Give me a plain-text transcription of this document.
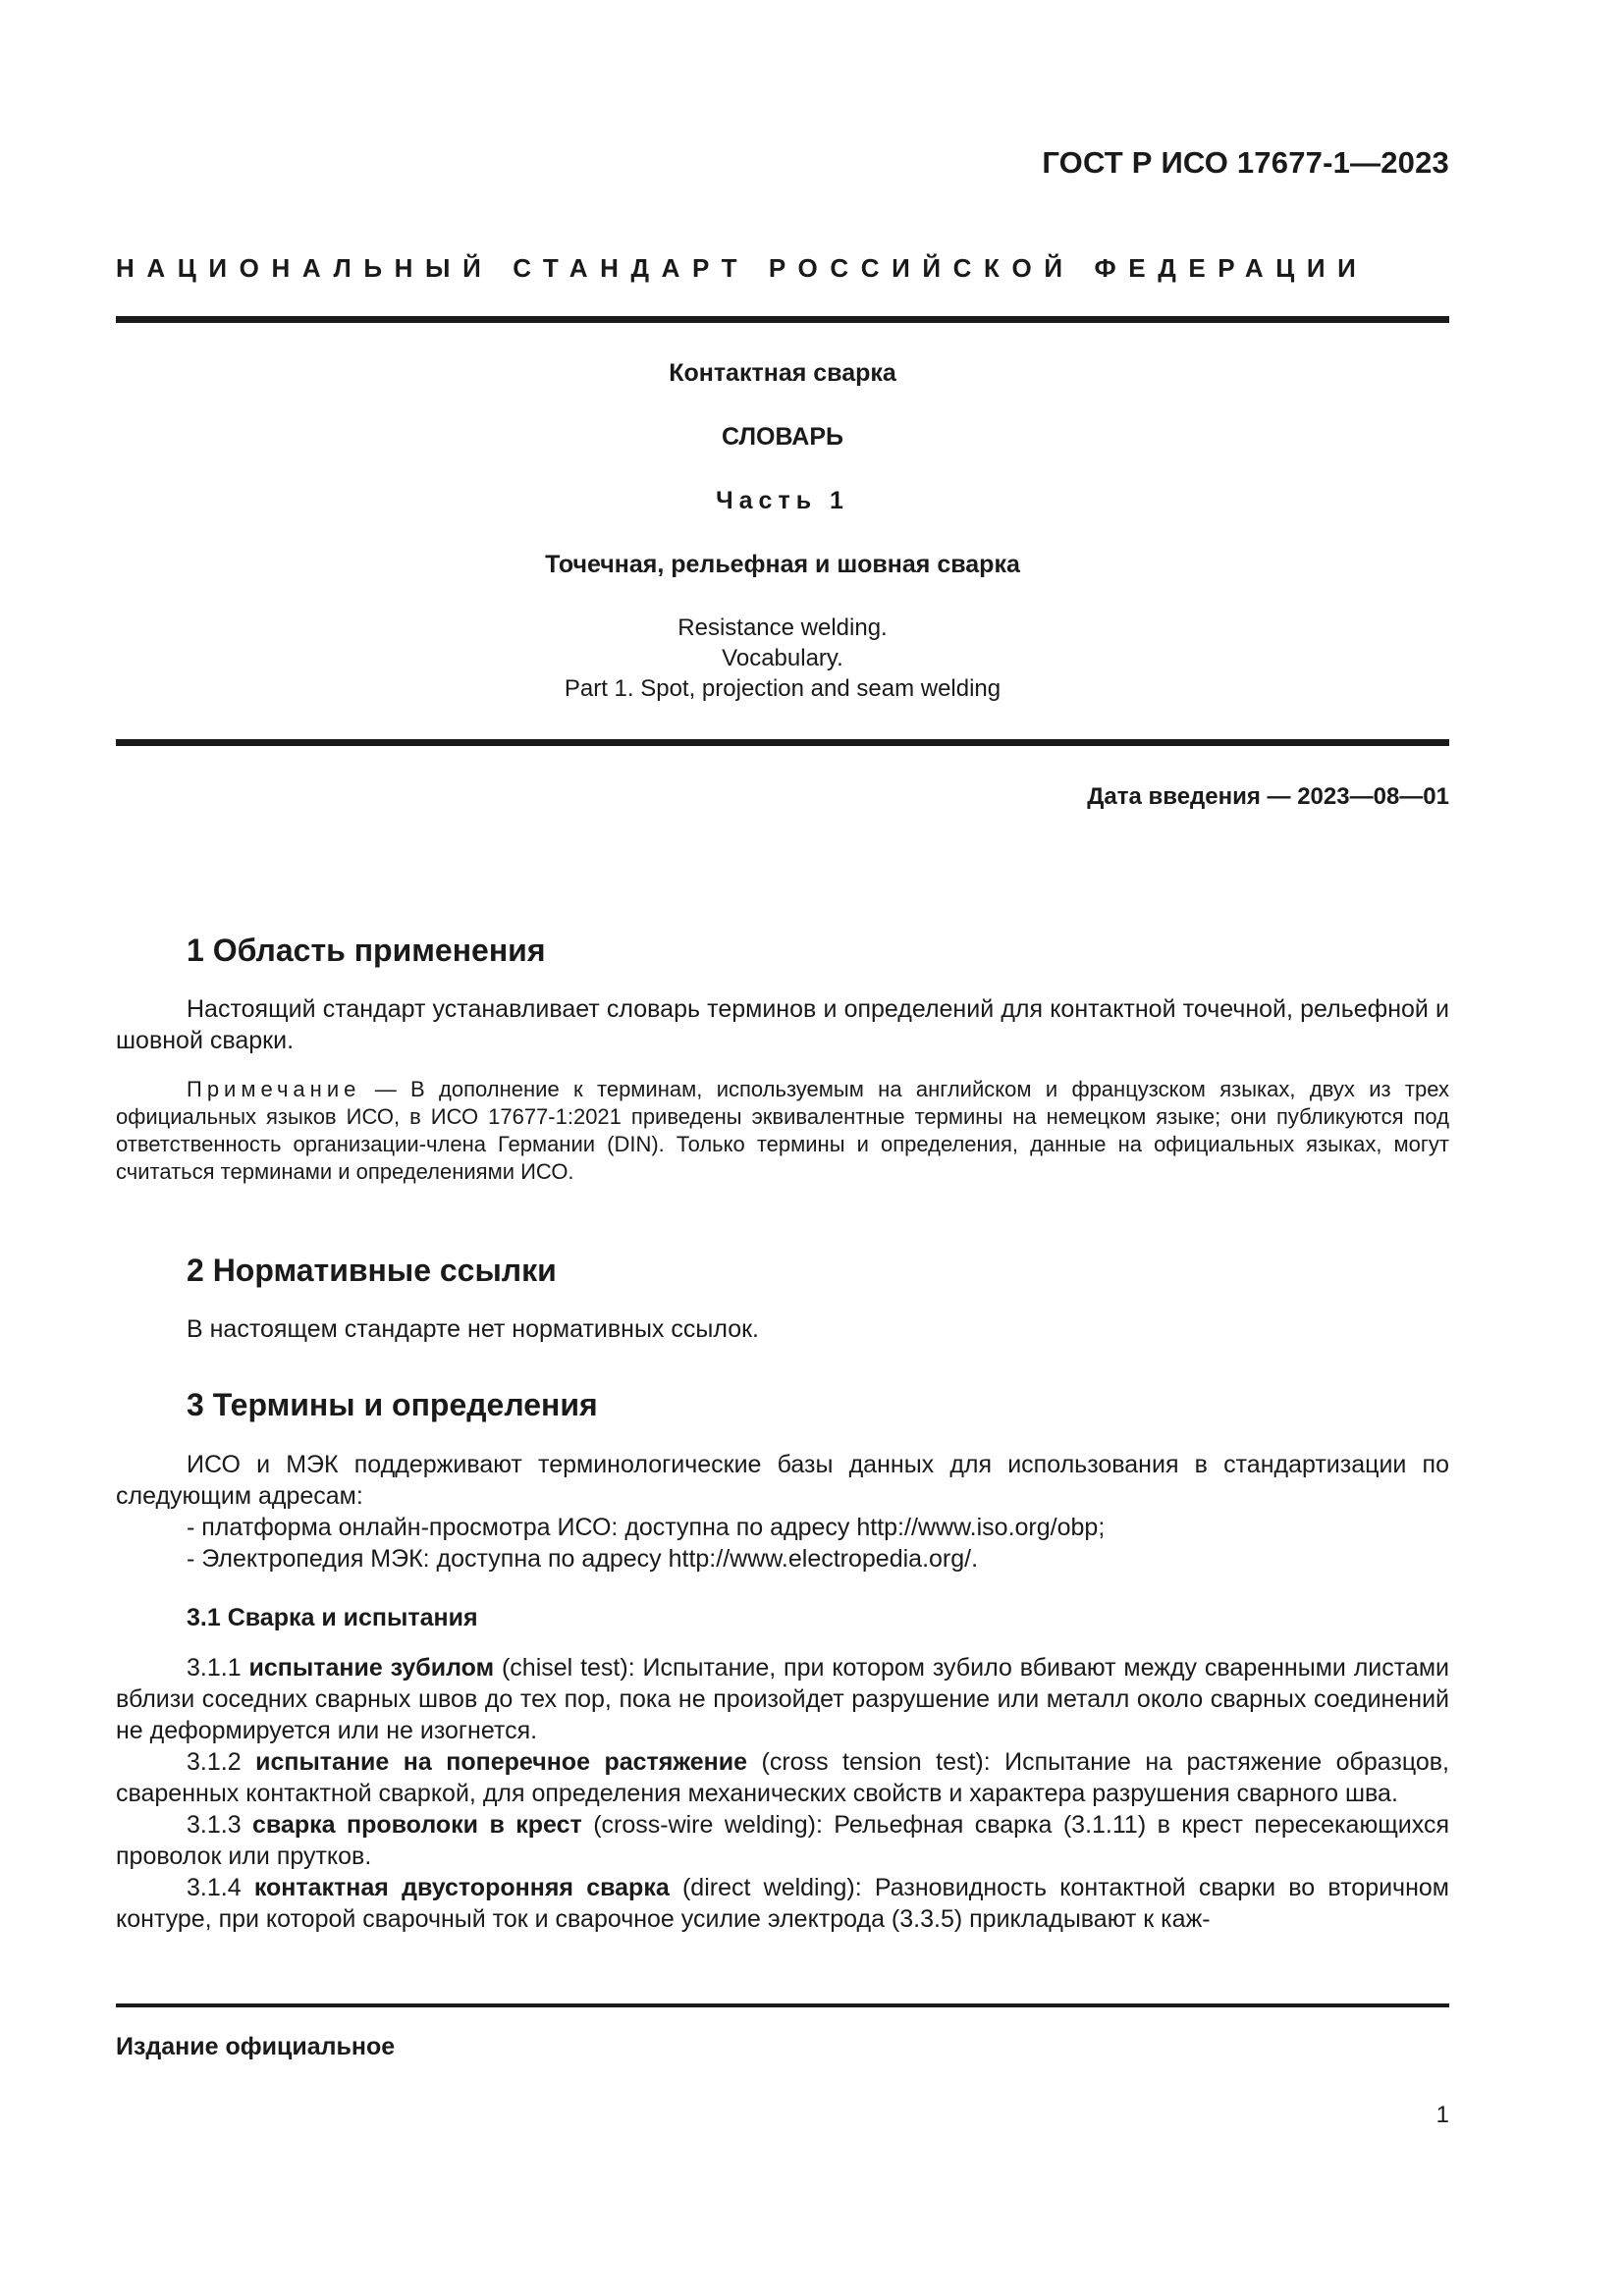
ГОСТ Р ИСО 17677-1—2023
НАЦИОНАЛЬНЫЙ СТАНДАРТ РОССИЙСКОЙ ФЕДЕРАЦИИ
Контактная сварка
СЛОВАРЬ
Часть 1
Точечная, рельефная и шовная сварка
Resistance welding.
Vocabulary.
Part 1. Spot, projection and seam welding
Дата введения — 2023—08—01
1 Область применения

Настоящий стандарт устанавливает словарь терминов и определений для контактной точечной, рельефной и шовной сварки.

Примечание — В дополнение к терминам, используемым на английском и французском языках, двух из трех официальных языков ИСО, в ИСО 17677-1:2021 приведены эквивалентные термины на немецком языке; они публикуются под ответственность организации-члена Германии (DIN). Только термины и определения, данные на официальных языках, могут считаться терминами и определениями ИСО.

2 Нормативные ссылки

В настоящем стандарте нет нормативных ссылок.

3 Термины и определения

ИСО и МЭК поддерживают терминологические базы данных для использования в стандартизации по следующим адресам:

- платформа онлайн-просмотра ИСО: доступна по адресу http://www.iso.org/obp;

- Электропедия МЭК: доступна по адресу http://www.electropedia.org/.

3.1 Сварка и испытания

3.1.1 испытание зубилом (chisel test): Испытание, при котором зубило вбивают между сваренными листами вблизи соседних сварных швов до тех пор, пока не произойдет разрушение или металл около сварных соединений не деформируется или не изогнется.

3.1.2 испытание на поперечное растяжение (cross tension test): Испытание на растяжение образцов, сваренных контактной сваркой, для определения механических свойств и характера разрушения сварного шва.

3.1.3 сварка проволоки в крест (cross-wire welding): Рельефная сварка (3.1.11) в крест пересекающихся проволок или прутков.

3.1.4 контактная двусторонняя сварка (direct welding): Разновидность контактной сварки во вторичном контуре, при которой сварочный ток и сварочное усилие электрода (3.3.5) прикладывают к каж-

Издание официальное
1
